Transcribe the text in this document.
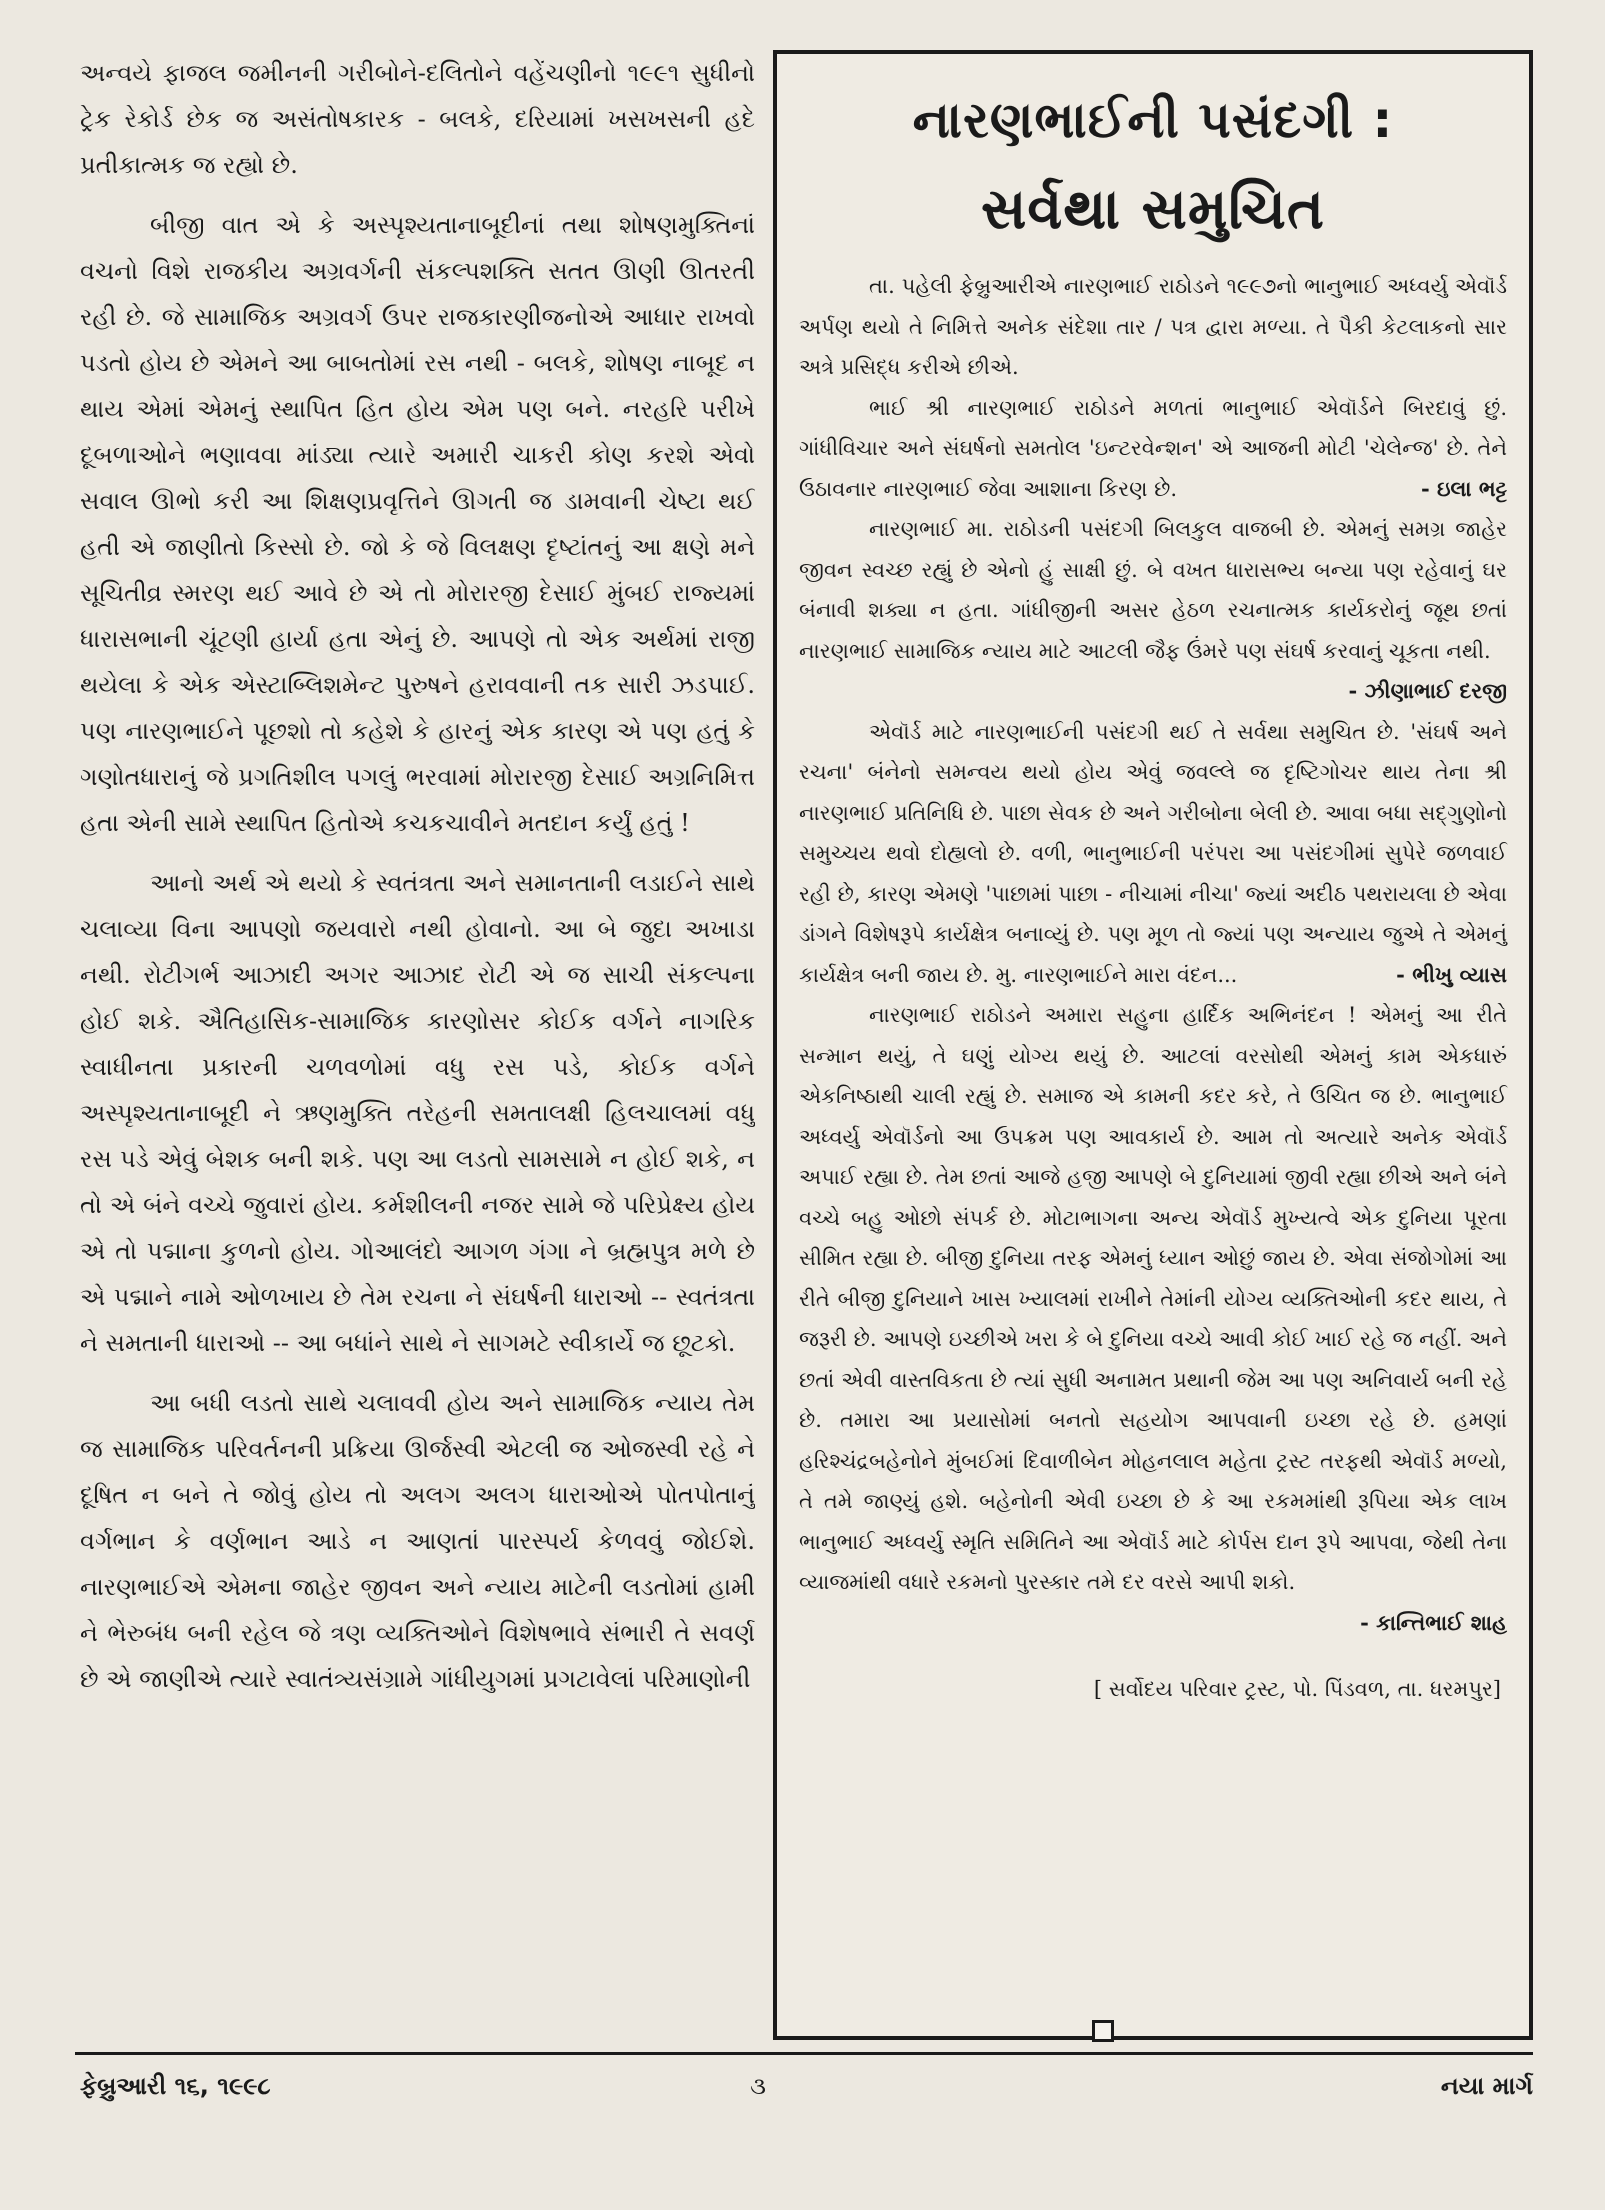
અન્વયે ફાજલ જમીનની ગરીબોને-દલિતોને વહેંચણીનો ૧૯૯૧ સુધીનો ટ્રેક રેકોર્ડ છેક જ અસંતોષકારક - બલકે, દરિયામાં ખસખસની હદે પ્રતીકાત્મક જ રહ્યો છે.

બીજી વાત એ કે અસ્પૃશ્યતાનાબૂદીનાં તથા શોષણમુક્તિનાં વચનો વિશે રાજકીય અગ્રવર્ગની સંકલ્પશક્તિ સતત ઊણી ઊતરતી રહી છે. જે સામાજિક અગ્રવર્ગ ઉપર રાજકારણીજનોએ આધાર રાખવો પડતો હોય છે એમને આ બાબતોમાં રસ નથી - બલકે, શોષણ નાબૂદ ન થાય એમાં એમનું સ્થાપિત હિત હોય એમ પણ બને. નરહરિ પરીખે દૂબળાઓને ભણાવવા માંડ્યા ત્યારે અમારી ચાકરી કોણ કરશે એવો સવાલ ઊભો કરી આ શિક્ષણપ્રવૃત્તિને ઊગતી જ ડામવાની ચેષ્ટા થઈ હતી એ જાણીતો કિસ્સો છે. જો કે જે વિલક્ષણ દૃષ્ટાંતનું આ ક્ષણે મને સૂચિતીવ્ર સ્મરણ થઈ આવે છે એ તો મોરારજી દેસાઈ મુંબઈ રાજ્યમાં ધારાસભાની ચૂંટણી હાર્યા હતા એનું છે. આપણે તો એક અર્થમાં રાજી થયેલા કે એક એસ્ટાબ્લિશમેન્ટ પુરુષને હરાવવાની તક સારી ઝડપાઈ. પણ નારણભાઈને પૂછશો તો કહેશે કે હારનું એક કારણ એ પણ હતું કે ગણોતધારાનું જે પ્રગતિશીલ પગલું ભરવામાં મોરારજી દેસાઈ અગ્રનિમિત્ત હતા એની સામે સ્થાપિત હિતોએ કચકચાવીને મતદાન કર્યું હતું !

આનો અર્થ એ થયો કે સ્વતંત્રતા અને સમાનતાની લડાઈને સાથે ચલાવ્યા વિના આપણો જયવારો નથી હોવાનો. આ બે જુદા અખાડા નથી. રોટીગર્ભ આઝાદી અગર આઝાદ રોટી એ જ સાચી સંકલ્પના હોઈ શકે. ઐતિહાસિક-સામાજિક કારણોસર કોઈક વર્ગને નાગરિક સ્વાધીનતા પ્રકારની ચળવળોમાં વધુ રસ પડે, કોઈક વર્ગને અસ્પૃશ્યતાનાબૂદી ને ઋણમુક્તિ તરેહની સમતાલક્ષી હિલચાલમાં વધુ રસ પડે એવું બેશક બની શકે. પણ આ લડતો સામસામે ન હોઈ શકે, ન તો એ બંને વચ્ચે જુવારાં હોય. કર્મશીલની નજર સામે જે પરિપ્રેક્ષ્ય હોય એ તો પદ્માના કુળનો હોય. ગોઆલંદો આગળ ગંગા ને બ્રહ્મપુત્ર મળે છે એ પદ્માને નામે ઓળખાય છે તેમ રચના ને સંઘર્ષની ધારાઓ -- સ્વતંત્રતા ને સમતાની ધારાઓ -- આ બધાંને સાથે ને સાગમટે સ્વીકાર્યે જ છૂટકો.

આ બધી લડતો સાથે ચલાવવી હોય અને સામાજિક ન્યાય તેમ જ સામાજિક પરિવર્તનની પ્રક્રિયા ઊર્જસ્વી એટલી જ ઓજસ્વી રહે ને દૂષિત ન બને તે જોવું હોય તો અલગ અલગ ધારાઓએ પોતપોતાનું વર્ગભાન કે વર્ણભાન આડે ન આણતાં પારસ્પર્ય કેળવવું જોઈશે. નારણભાઈએ એમના જાહેર જીવન અને ન્યાય માટેની લડતોમાં હામી ને ભેરુબંધ બની રહેલ જે ત્રણ વ્યક્તિઓને વિશેષભાવે સંભારી તે સવર્ણ છે એ જાણીએ ત્યારે સ્વાતંત્ર્યસંગ્રામે ગાંધીયુગમાં પ્રગટાવેલાં પરિમાણોની

નારણભાઈની પસંદગી :
સર્વથા સમુચિત

તા. પહેલી ફેબ્રુઆરીએ નારણભાઈ રાઠોડને ૧૯૯૭નો ભાનુભાઈ અધ્વર્યુ એવૉર્ડ અર્પણ થયો તે નિમિત્તે અનેક સંદેશા તાર / પત્ર દ્વારા મળ્યા. તે પૈકી કેટલાકનો સાર અત્રે પ્રસિદ્ધ કરીએ છીએ.

ભાઈ શ્રી નારણભાઈ રાઠોડને મળતાં ભાનુભાઈ એવૉર્ડને બિરદાવું છું. ગાંધીવિચાર અને સંઘર્ષનો સમતોલ 'ઇન્ટરવેન્શન' એ આજની મોટી 'ચેલેન્જ' છે. તેને ઉઠાવનાર નારણભાઈ જેવા આશાના કિરણ છે.	- ઇલા ભટ્ટ

નારણભાઈ મા. રાઠોડની પસંદગી બિલકુલ વાજબી છે. એમનું સમગ્ર જાહેર જીવન સ્વચ્છ રહ્યું છે એનો હું સાક્ષી છું. બે વખત ધારાસભ્ય બન્યા પણ રહેવાનું ઘર બંનાવી શક્યા ન હતા. ગાંધીજીની અસર હેઠળ રચનાત્મક કાર્યકરોનું જૂથ છતાં નારણભાઈ સામાજિક ન્યાય માટે આટલી જૈફ ઉંમરે પણ સંઘર્ષ કરવાનું ચૂકતા નથી.
- ઝીણાભાઈ દરજી

એવૉર્ડ માટે નારણભાઈની પસંદગી થઈ તે સર્વથા સમુચિત છે. 'સંઘર્ષ અને રચના' બંનેનો સમન્વય થયો હોય એવું જવલ્લે જ દૃષ્ટિગોચર થાય તેના શ્રી નારણભાઈ પ્રતિનિધિ છે. પાછા સેવક છે અને ગરીબોના બેલી છે. આવા બધા સદ્ગુણોનો સમુચ્ચય થવો દોહ્યલો છે. વળી, ભાનુભાઈની પરંપરા આ પસંદગીમાં સુપેરે જળવાઈ રહી છે, કારણ એમણે 'પાછામાં પાછા - નીચામાં નીચા' જ્યાં અદીઠ પથરાયલા છે એવા ડાંગને વિશેષરૂપે કાર્યક્ષેત્ર બનાવ્યું છે. પણ મૂળ તો જ્યાં પણ અન્યાય જુએ તે એમનું કાર્યક્ષેત્ર બની જાય છે. મુ. નારણભાઈને મારા વંદન...	- ભીખુ વ્યાસ

નારણભાઈ રાઠોડને અમારા સહુના હાર્દિક અભિનંદન ! એમનું આ રીતે સન્માન થયું, તે ઘણું યોગ્ય થયું છે. આટલાં વરસોથી એમનું કામ એકધારું એકનિષ્ઠાથી ચાલી રહ્યું છે. સમાજ એ કામની કદર કરે, તે ઉચિત જ છે. ભાનુભાઈ અધ્વર્યુ એવૉર્ડનો આ ઉપક્રમ પણ આવકાર્ય છે. આમ તો અત્યારે અનેક એવૉર્ડ અપાઈ રહ્યા છે. તેમ છતાં આજે હજી આપણે બે દુનિયામાં જીવી રહ્યા છીએ અને બંને વચ્ચે બહુ ઓછો સંપર્ક છે. મોટાભાગના અન્ય એવૉર્ડ મુખ્યત્વે એક દુનિયા પૂરતા સીમિત રહ્યા છે. બીજી દુનિયા તરફ એમનું ધ્યાન ઓછું જાય છે. એવા સંજોગોમાં આ રીતે બીજી દુનિયાને ખાસ ખ્યાલમાં રાખીને તેમાંની યોગ્ય વ્યક્તિઓની કદર થાય, તે જરૂરી છે. આપણે ઇચ્છીએ ખરા કે બે દુનિયા વચ્ચે આવી કોઈ ખાઈ રહે જ નહીં. અને છતાં એવી વાસ્તવિકતા છે ત્યાં સુધી અનામત પ્રથાની જેમ આ પણ અનિવાર્ય બની રહે છે. તમારા આ પ્રયાસોમાં બનતો સહયોગ આપવાની ઇચ્છા રહે છે. હમણાં હરિશ્ચંદ્રબહેનોને મુંબઈમાં દિવાળીબેન મોહનલાલ મહેતા ટ્રસ્ટ તરફથી એવૉર્ડ મળ્યો, તે તમે જાણ્યું હશે. બહેનોની એવી ઇચ્છા છે કે આ રકમમાંથી રૂપિયા એક લાખ ભાનુભાઈ અધ્વર્યુ સ્મૃતિ સમિતિને આ એવૉર્ડ માટે કોર્પસ દાન રૂપે આપવા, જેથી તેના વ્યાજમાંથી વધારે રકમનો પુરસ્કાર તમે દર વરસે આપી શકો.
- કાન્તિભાઈ શાહ

[ સર્વોદય પરિવાર ટ્રસ્ટ, પો. પિંડવળ, તા. ધરમપુર]
ફેબ્રુઆરી ૧૬, ૧૯૯૮	૩	નયા માર્ગ
